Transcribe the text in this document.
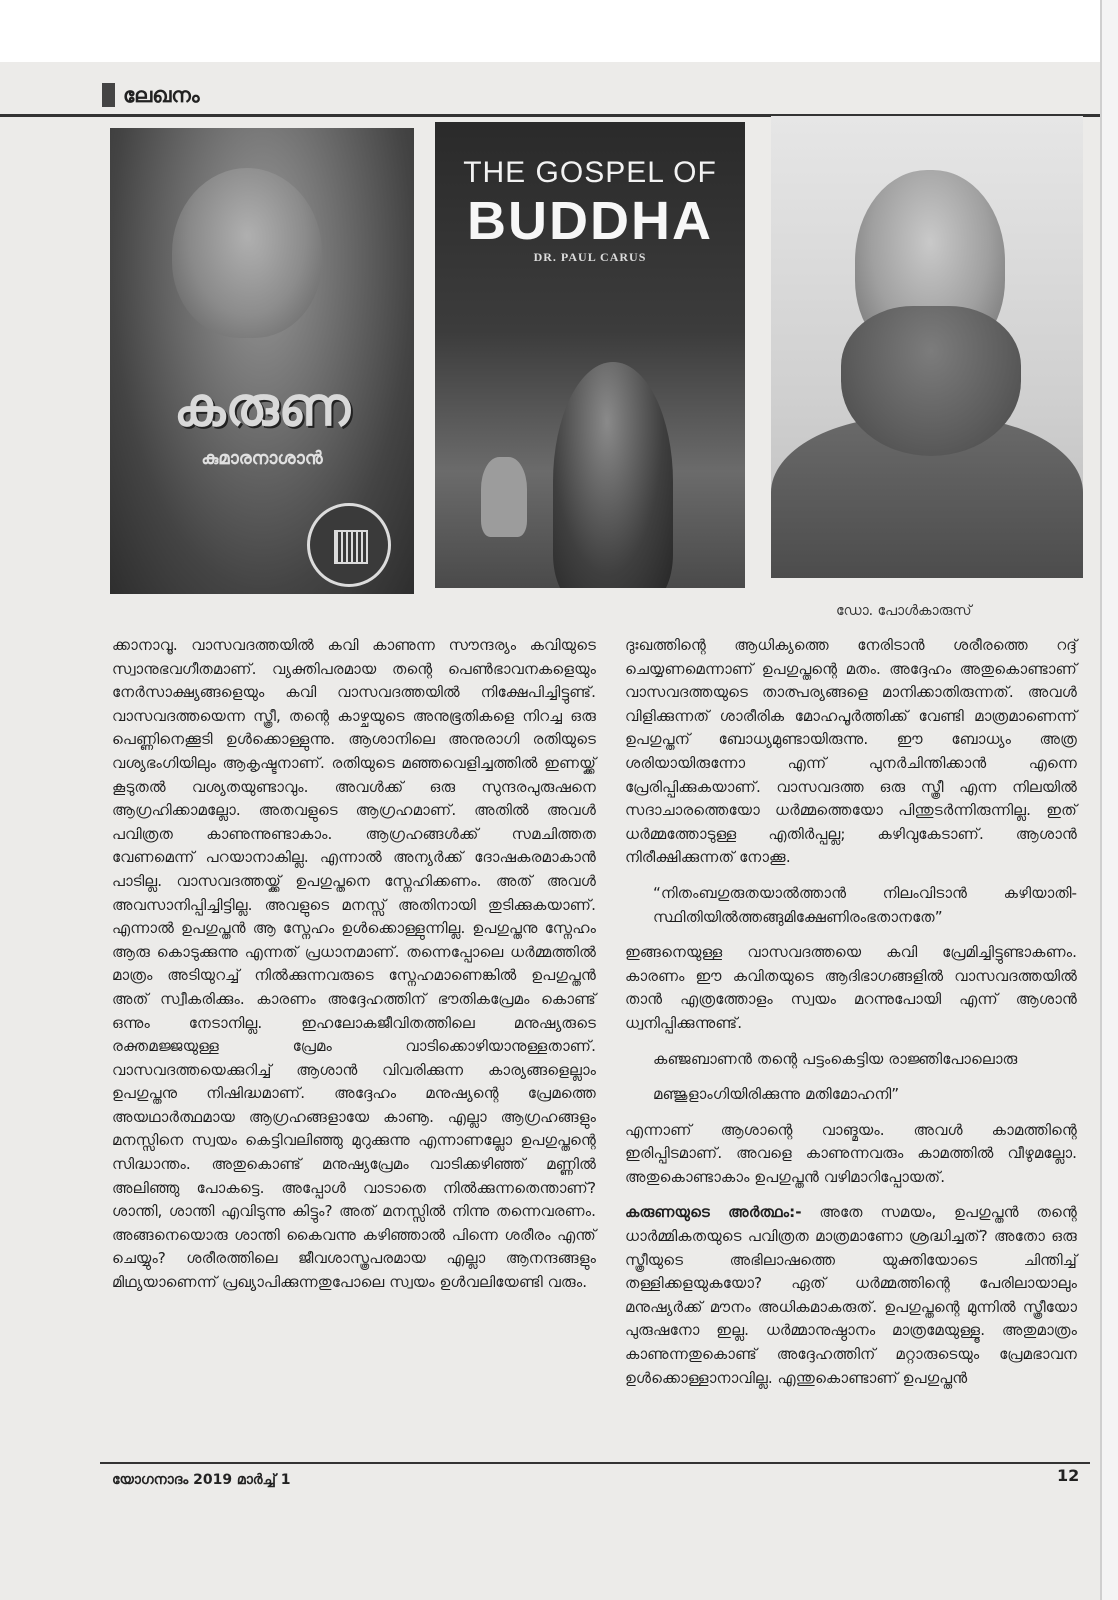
ലേഖനം
കരുണ
കുമാരനാശാൻ
THE GOSPEL OF
BUDDHA
DR. PAUL CARUS
ഡോ. പോൾകാരുസ്

ക്കാനാവൂ. വാസവദത്തയിൽ കവി കാണുന്ന സൗന്ദര്യം കവിയുടെ സ്വാനുഭവഗീതമാണ്. വ്യക്തിപരമായ തന്റെ പെൺഭാവനകളെയും നേർസാക്ഷ്യങ്ങളെയും കവി വാസവദത്തയിൽ നിക്ഷേപിച്ചിട്ടുണ്ട്. വാസവദത്തയെന്ന സ്ത്രീ, തന്റെ കാഴ്ചയുടെ അനുഭൂതികളെ നിറച്ച ഒരു പെണ്ണിനെക്കൂടി ഉൾക്കൊള്ളുന്നു. ആശാനിലെ അനുരാഗി രതിയുടെ വശ്യഭംഗിയിലും ആകൃഷ്ടനാണ്. രതിയുടെ മഞ്ഞവെളിച്ചത്തിൽ ഇണയ്ക്ക് കൂടുതൽ വശ്യതയുണ്ടാവും. അവൾക്ക് ഒരു സുന്ദരപുരുഷനെ ആഗ്രഹിക്കാമല്ലോ. അതവളുടെ ആഗ്രഹമാണ്. അതിൽ അവൾ പവിത്രത കാണുന്നുണ്ടാകാം. ആഗ്രഹങ്ങൾക്ക് സമചിത്തത വേണമെന്ന് പറയാനാകില്ല. എന്നാൽ അന്യർക്ക് ദോഷകരമാകാൻ പാടില്ല. വാസവദത്തയ്ക്ക് ഉപഗുപ്തനെ സ്നേഹിക്കണം. അത് അവൾ അവസാനിപ്പിച്ചിട്ടില്ല. അവളുടെ മനസ്സ് അതിനായി തുടിക്കുകയാണ്. എന്നാൽ ഉപഗുപ്തൻ ആ സ്നേഹം ഉൾക്കൊള്ളുന്നില്ല. ഉപഗുപ്തനു സ്നേഹം ആരു കൊടുക്കുന്നു എന്നത് പ്രധാനമാണ്. തന്നെപ്പോലെ ധർമ്മത്തിൽ മാത്രം അടിയുറച്ച് നിൽക്കുന്നവരുടെ സ്നേഹമാണെങ്കിൽ ഉപഗുപ്തൻ അത് സ്വീകരിക്കും. കാരണം അദ്ദേഹത്തിന് ഭൗതികപ്രേമം കൊണ്ട് ഒന്നും നേടാനില്ല. ഇഹലോകജീവിതത്തിലെ മനുഷ്യരുടെ രക്തമജ്ജയുള്ള പ്രേമം വാടിക്കൊഴിയാനുള്ളതാണ്. വാസവദത്തയെക്കുറിച്ച് ആശാൻ വിവരിക്കുന്ന കാര്യങ്ങളെല്ലാം ഉപഗുപ്തനു നിഷിദ്ധമാണ്. അദ്ദേഹം മനുഷ്യന്റെ പ്രേമത്തെ അയഥാർത്ഥമായ ആഗ്രഹങ്ങളായേ കാണൂ. എല്ലാ ആഗ്രഹങ്ങളും മനസ്സിനെ സ്വയം കെട്ടിവലിഞ്ഞു മുറുക്കുന്നു എന്നാണല്ലോ ഉപഗുപ്തന്റെ സിദ്ധാന്തം. അതുകൊണ്ട് മനുഷ്യപ്രേമം വാടിക്കഴിഞ്ഞ് മണ്ണിൽ അലിഞ്ഞു പോകട്ടെ. അപ്പോൾ വാടാതെ നിൽക്കുന്നതെന്താണ്? ശാന്തി, ശാന്തി എവിടുന്നു കിട്ടും? അത് മനസ്സിൽ നിന്നു തന്നെവരണം. അങ്ങനെയൊരു ശാന്തി കൈവന്നു കഴിഞ്ഞാൽ പിന്നെ ശരീരം എന്ത് ചെയ്യും? ശരീരത്തിലെ ജീവശാസ്ത്രപരമായ എല്ലാ ആനന്ദങ്ങളും മിഥ്യയാണെന്ന് പ്രഖ്യാപിക്കുന്നതുപോലെ സ്വയം ഉൾവലിയേണ്ടി വരും.

ദുഃഖത്തിന്റെ ആധിക്യത്തെ നേരിടാൻ ശരീരത്തെ റദ്ദ് ചെയ്യണമെന്നാണ് ഉപഗുപ്തന്റെ മതം. അദ്ദേഹം അതുകൊണ്ടാണ് വാസവദത്തയുടെ താത്പര്യങ്ങളെ മാനിക്കാതിരുന്നത്. അവൾ വിളിക്കുന്നത് ശാരീരിക മോഹപൂർത്തിക്ക് വേണ്ടി മാത്രമാണെന്ന് ഉപഗുപ്തന് ബോധ്യമുണ്ടായിരുന്നു. ഈ ബോധ്യം അത്ര ശരിയായിരുന്നോ എന്ന് പുനർചിന്തിക്കാൻ എന്നെ പ്രേരിപ്പിക്കുകയാണ്. വാസവദത്ത ഒരു സ്ത്രീ എന്ന നിലയിൽ സദാചാരത്തെയോ ധർമ്മത്തെയോ പിന്തുടർന്നിരുന്നില്ല. ഇത് ധർമ്മത്തോടുള്ള എതിർപ്പല്ല; കഴിവുകേടാണ്. ആശാൻ നിരീക്ഷിക്കുന്നത് നോക്കൂ.

“നിതംബഗുരുതയാൽത്താൻ നിലംവിടാൻ കഴിയാതി- സ്ഥിതിയിൽത്തങ്ങുമിക്ഷേണിരംഭതാനതേ”

ഇങ്ങനെയുള്ള വാസവദത്തയെ കവി പ്രേമിച്ചിട്ടുണ്ടാകണം. കാരണം ഈ കവിതയുടെ ആദിഭാഗങ്ങളിൽ വാസവദത്തയിൽ താൻ എത്രത്തോളം സ്വയം മറന്നുപോയി എന്ന് ആശാൻ ധ്വനിപ്പിക്കുന്നുണ്ട്.

കഞ്ജബാണൻ തന്റെ പട്ടംകെട്ടിയ രാജ്ഞിപോലൊരു

മഞ്ജുളാംഗിയിരിക്കുന്നു മതിമോഹനി”

എന്നാണ് ആശാന്റെ വാങ്മയം. അവൾ കാമത്തിന്റെ ഇരിപ്പിടമാണ്. അവളെ കാണുന്നവരും കാമത്തിൽ വീഴുമല്ലോ. അതുകൊണ്ടാകാം ഉപഗുപ്തൻ വഴിമാറിപ്പോയത്.

കരുണയുടെ അർത്ഥം:- അതേ സമയം, ഉപഗുപ്തൻ തന്റെ ധാർമ്മികതയുടെ പവിത്രത മാത്രമാണോ ശ്രദ്ധിച്ചത്? അതോ ഒരു സ്ത്രീയുടെ അഭിലാഷത്തെ യുക്തിയോടെ ചിന്തിച്ച് തള്ളിക്കളയുകയോ? ഏത് ധർമ്മത്തിന്റെ പേരിലായാലും മനുഷ്യർക്ക് മൗനം അധികമാകരുത്. ഉപഗുപ്തന്റെ മുന്നിൽ സ്ത്രീയോ പുരുഷനോ ഇല്ല. ധർമ്മാനുഷ്ഠാനം മാത്രമേയുള്ളൂ. അതുമാത്രം കാണുന്നതുകൊണ്ട് അദ്ദേഹത്തിന് മറ്റാരുടെയും പ്രേമഭാവന ഉൾക്കൊള്ളാനാവില്ല. എന്തുകൊണ്ടാണ് ഉപഗുപ്തൻ

യോഗനാദം 2019 മാർച്ച് 1	12
